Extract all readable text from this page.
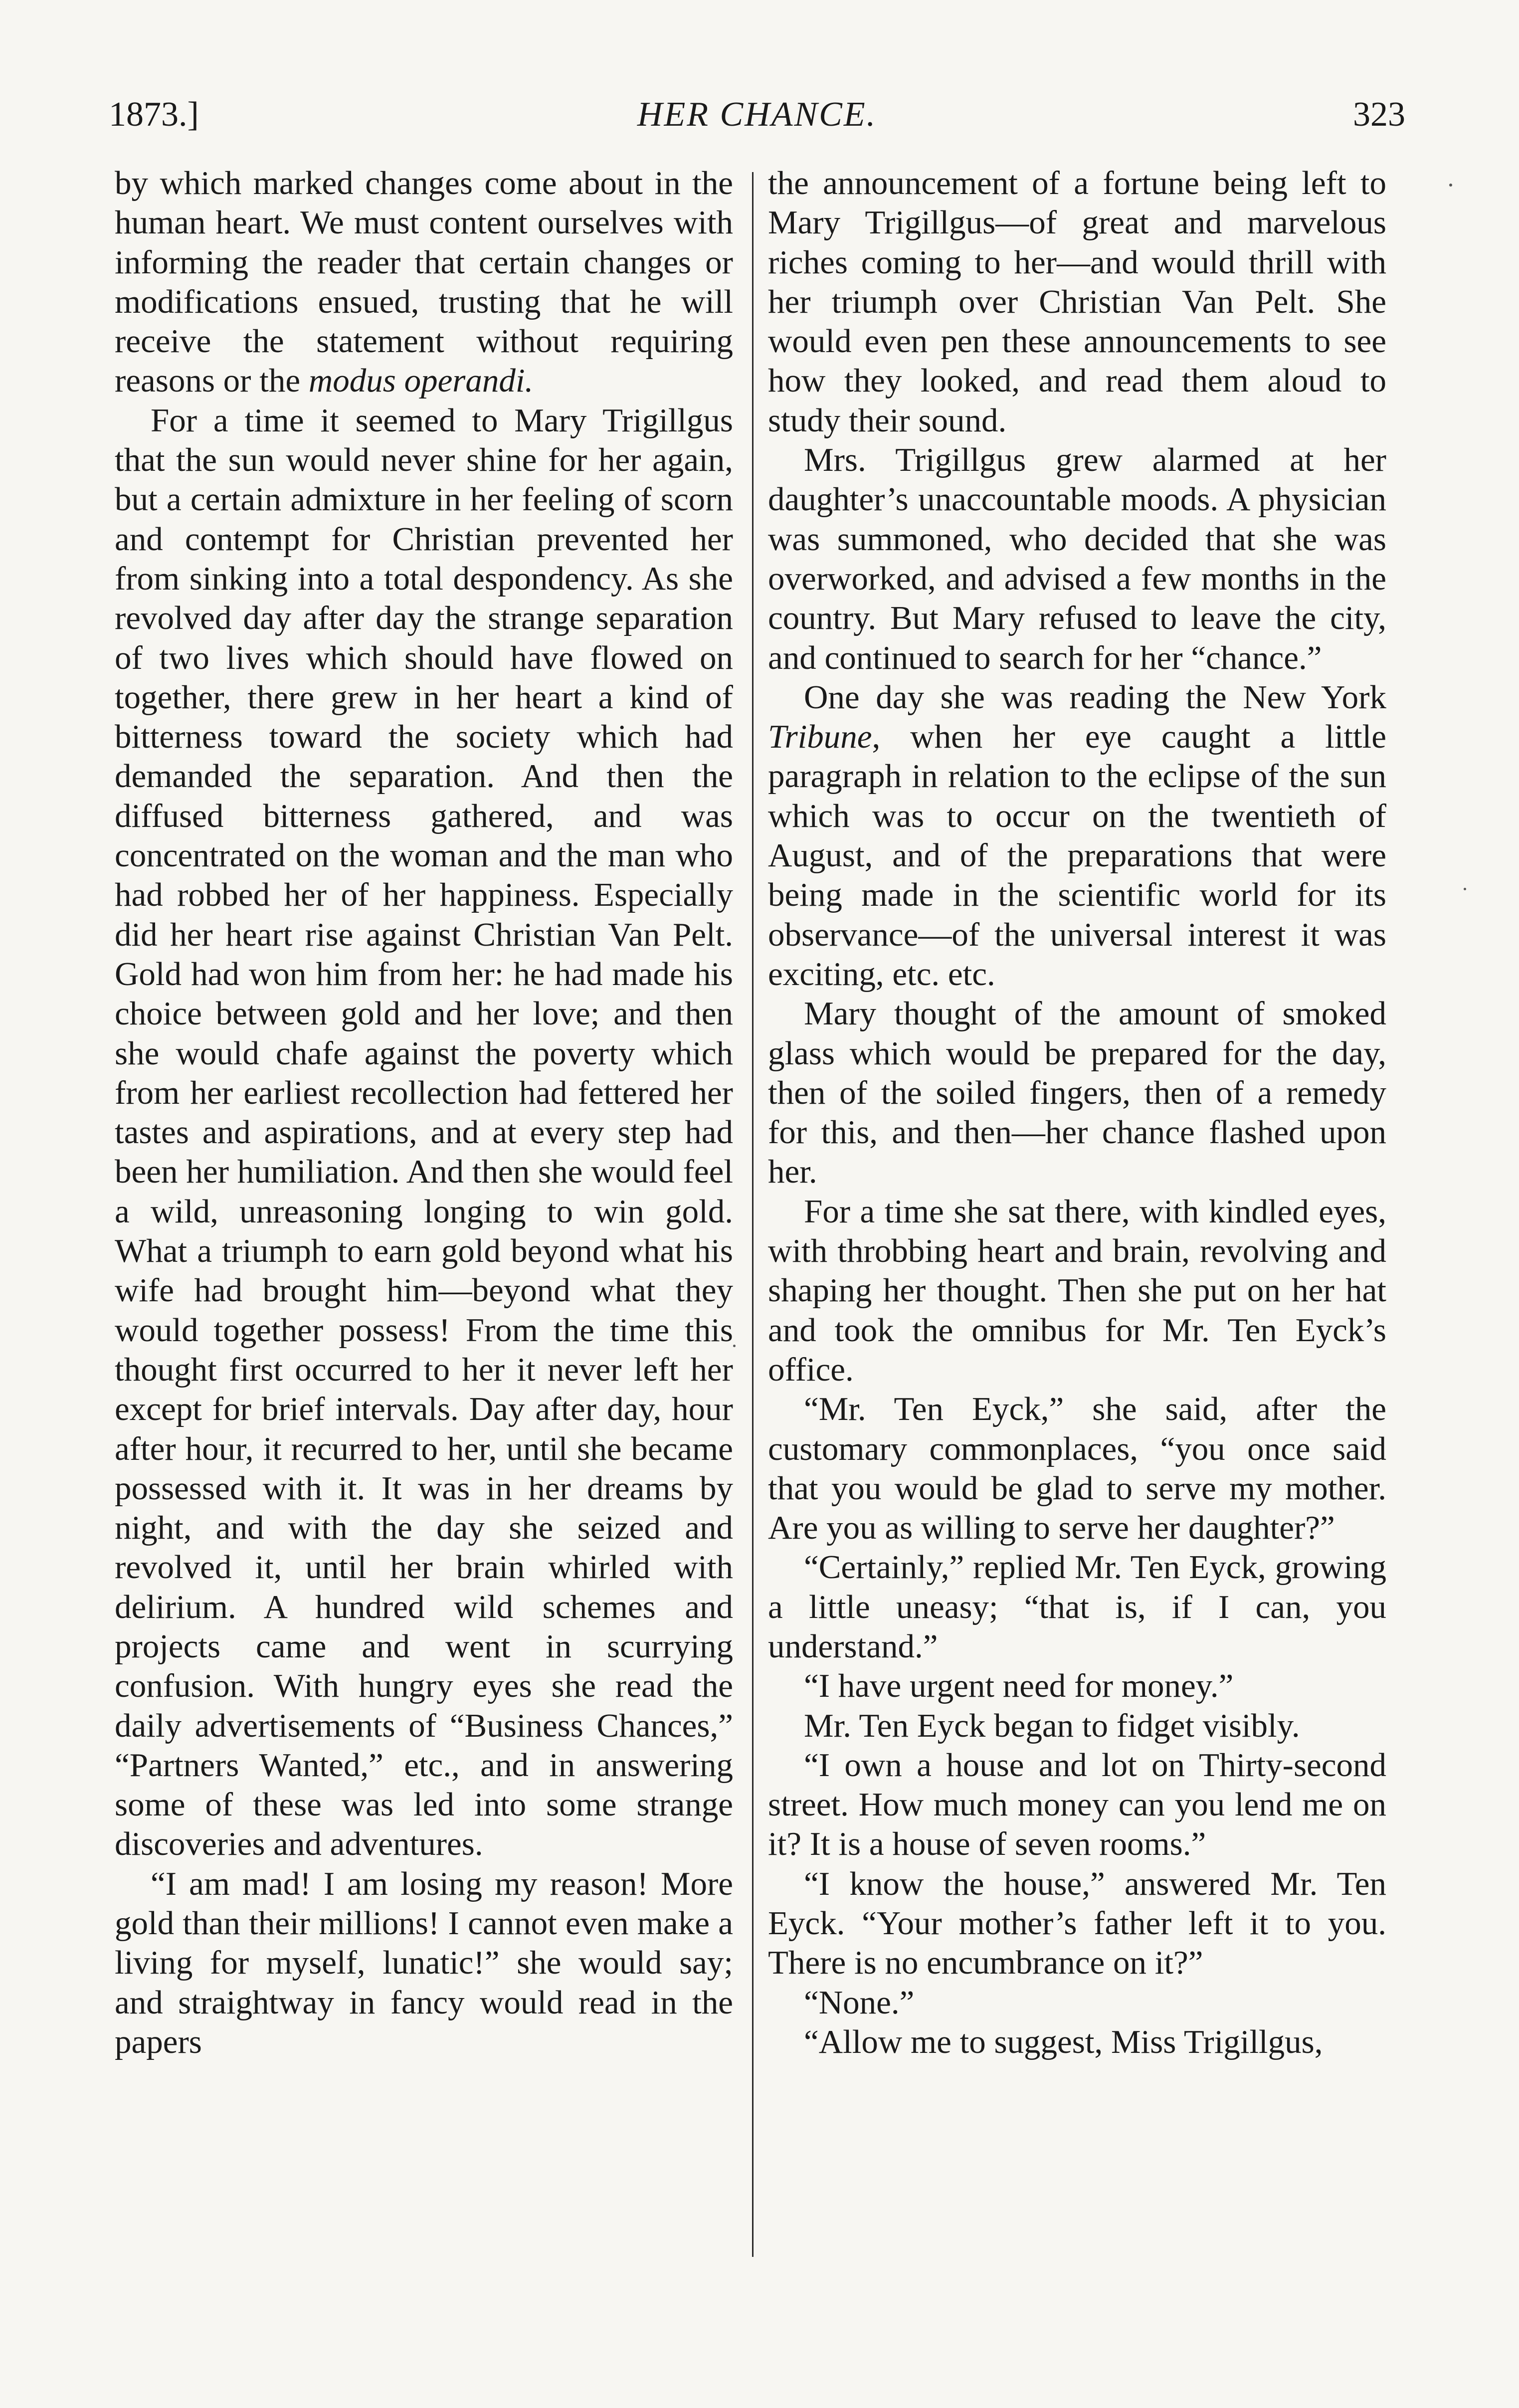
1873.]	HER CHANCE.	323

by which marked changes come about in the human heart. We must content ourselves with informing the reader that certain changes or modifications ensued, trusting that he will receive the statement without requiring reasons or the modus operandi.

For a time it seemed to Mary Trigillgus that the sun would never shine for her again, but a certain admixture in her feeling of scorn and contempt for Christian prevented her from sinking into a total despondency. As she revolved day after day the strange separation of two lives which should have flowed on together, there grew in her heart a kind of bitterness toward the society which had demanded the separation. And then the diffused bitterness gathered, and was concentrated on the woman and the man who had robbed her of her happiness. Especially did her heart rise against Christian Van Pelt. Gold had won him from her: he had made his choice between gold and her love; and then she would chafe against the poverty which from her earliest recollection had fettered her tastes and aspirations, and at every step had been her humiliation. And then she would feel a wild, unreasoning longing to win gold. What a triumph to earn gold beyond what his wife had brought him—beyond what they would together possess! From the time this thought first occurred to her it never left her except for brief intervals. Day after day, hour after hour, it recurred to her, until she became possessed with it. It was in her dreams by night, and with the day she seized and revolved it, until her brain whirled with delirium. A hundred wild schemes and projects came and went in scurrying confusion. With hungry eyes she read the daily advertisements of “Business Chances,” “Partners Wanted,” etc., and in answering some of these was led into some strange discoveries and adventures.

“I am mad! I am losing my reason! More gold than their millions! I cannot even make a living for myself, lunatic!” she would say; and straightway in fancy would read in the papers

the announcement of a fortune being left to Mary Trigillgus—of great and marvelous riches coming to her—and would thrill with her triumph over Christian Van Pelt. She would even pen these announcements to see how they looked, and read them aloud to study their sound.

Mrs. Trigillgus grew alarmed at her daughter’s unaccountable moods. A physician was summoned, who decided that she was overworked, and advised a few months in the country. But Mary refused to leave the city, and continued to search for her “chance.”

One day she was reading the New York Tribune, when her eye caught a little paragraph in relation to the eclipse of the sun which was to occur on the twentieth of August, and of the preparations that were being made in the scientific world for its observance—of the universal interest it was exciting, etc. etc.

Mary thought of the amount of smoked glass which would be prepared for the day, then of the soiled fingers, then of a remedy for this, and then—her chance flashed upon her.

For a time she sat there, with kindled eyes, with throbbing heart and brain, revolving and shaping her thought. Then she put on her hat and took the omnibus for Mr. Ten Eyck’s office.

“Mr. Ten Eyck,” she said, after the customary commonplaces, “you once said that you would be glad to serve my mother. Are you as willing to serve her daughter?”

“Certainly,” replied Mr. Ten Eyck, growing a little uneasy; “that is, if I can, you understand.”

“I have urgent need for money.”

Mr. Ten Eyck began to fidget visibly.

“I own a house and lot on Thirty-second street. How much money can you lend me on it? It is a house of seven rooms.”

“I know the house,” answered Mr. Ten Eyck. “Your mother’s father left it to you. There is no encumbrance on it?”

“None.”

“Allow me to suggest, Miss Trigillgus,
